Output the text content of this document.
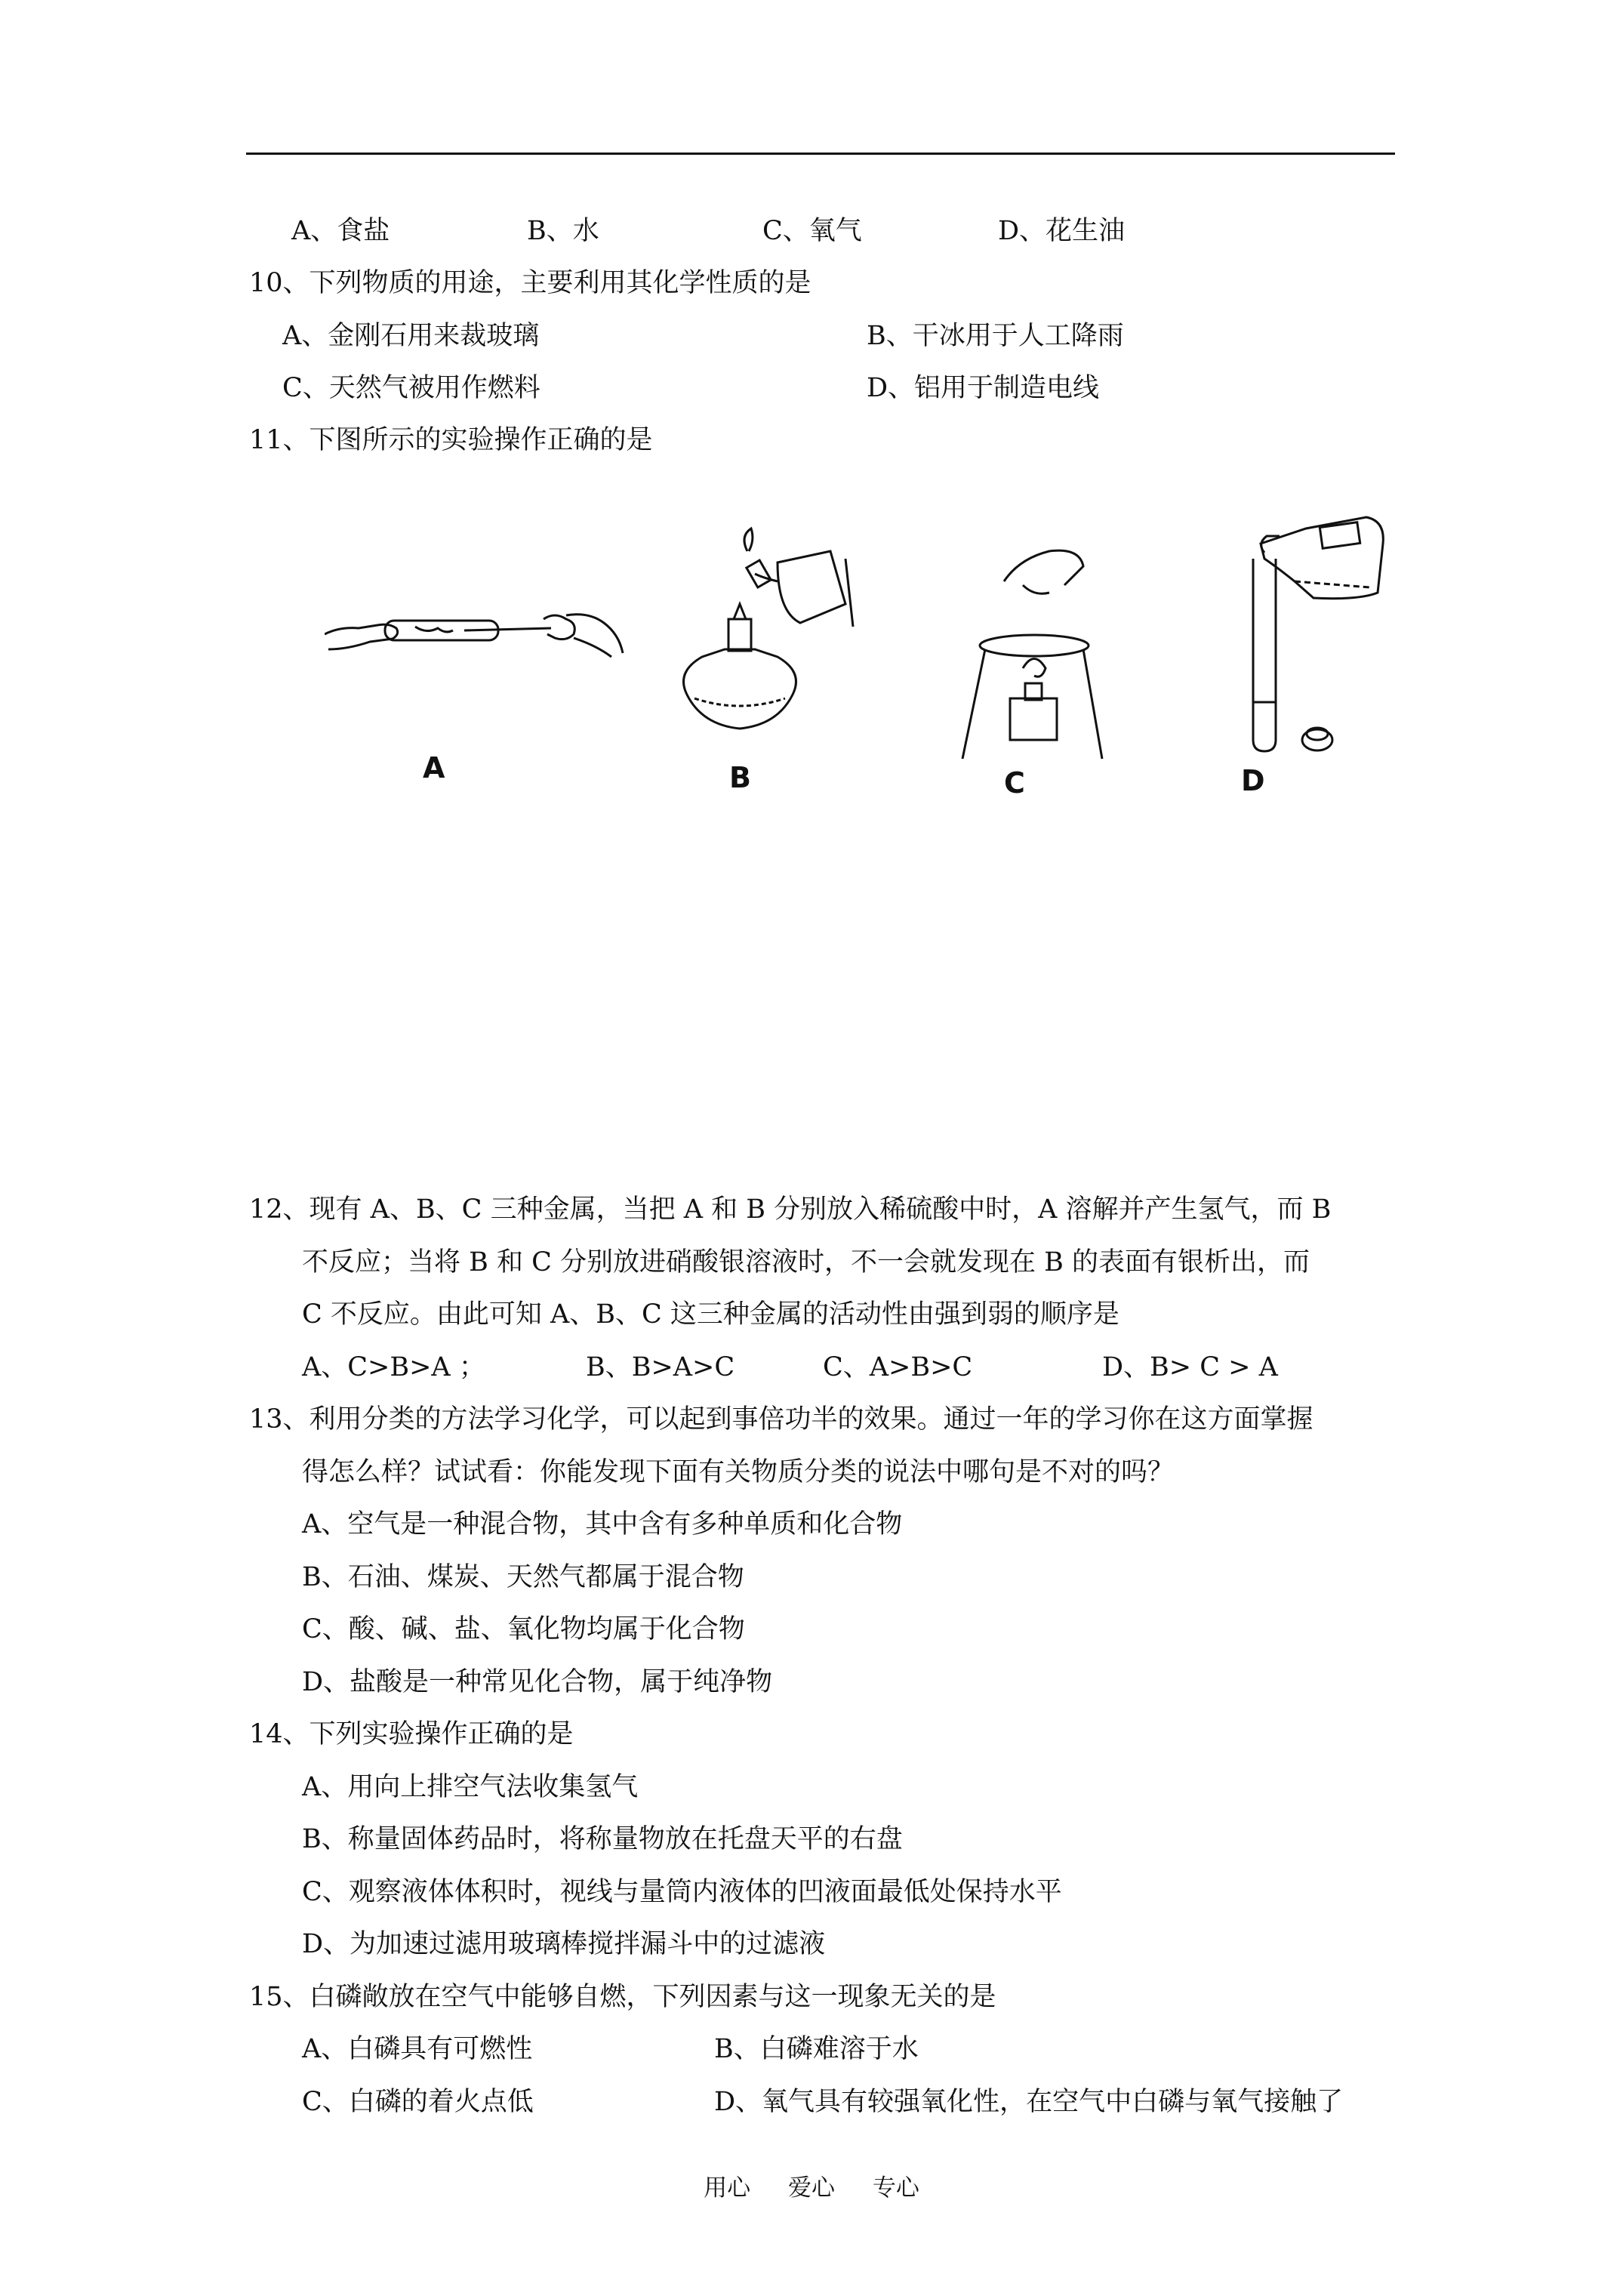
A、食盐	B、水	C、氧气	D、花生油
10、下列物质的用途，主要利用其化学性质的是
A、金刚石用来裁玻璃	B、干冰用于人工降雨
C、天然气被用作燃料	D、铝用于制造电线
11、下图所示的实验操作正确的是
A	B	C	D
12、现有 A、B、C 三种金属，当把 A 和 B 分别放入稀硫酸中时，A 溶解并产生氢气，而 B
不反应；当将 B 和 C 分别放进硝酸银溶液时，不一会就发现在 B 的表面有银析出，而
C 不反应。由此可知 A、B、C 这三种金属的活动性由强到弱的顺序是
A、C>B>A ；	B、B>A>C	C、A>B>C	D、B> C > A
13、利用分类的方法学习化学，可以起到事倍功半的效果。通过一年的学习你在这方面掌握
得怎么样？试试看：你能发现下面有关物质分类的说法中哪句是不对的吗？
A、空气是一种混合物，其中含有多种单质和化合物
B、石油、煤炭、天然气都属于混合物
C、酸、碱、盐、氧化物均属于化合物
D、盐酸是一种常见化合物，属于纯净物
14、下列实验操作正确的是
A、用向上排空气法收集氢气
B、称量固体药品时，将称量物放在托盘天平的右盘
C、观察液体体积时，视线与量筒内液体的凹液面最低处保持水平
D、为加速过滤用玻璃棒搅拌漏斗中的过滤液
15、白磷敞放在空气中能够自燃，下列因素与这一现象无关的是
A、白磷具有可燃性	B、白磷难溶于水
C、白磷的着火点低	D、氧气具有较强氧化性，在空气中白磷与氧气接触了
用心 爱心 专心
